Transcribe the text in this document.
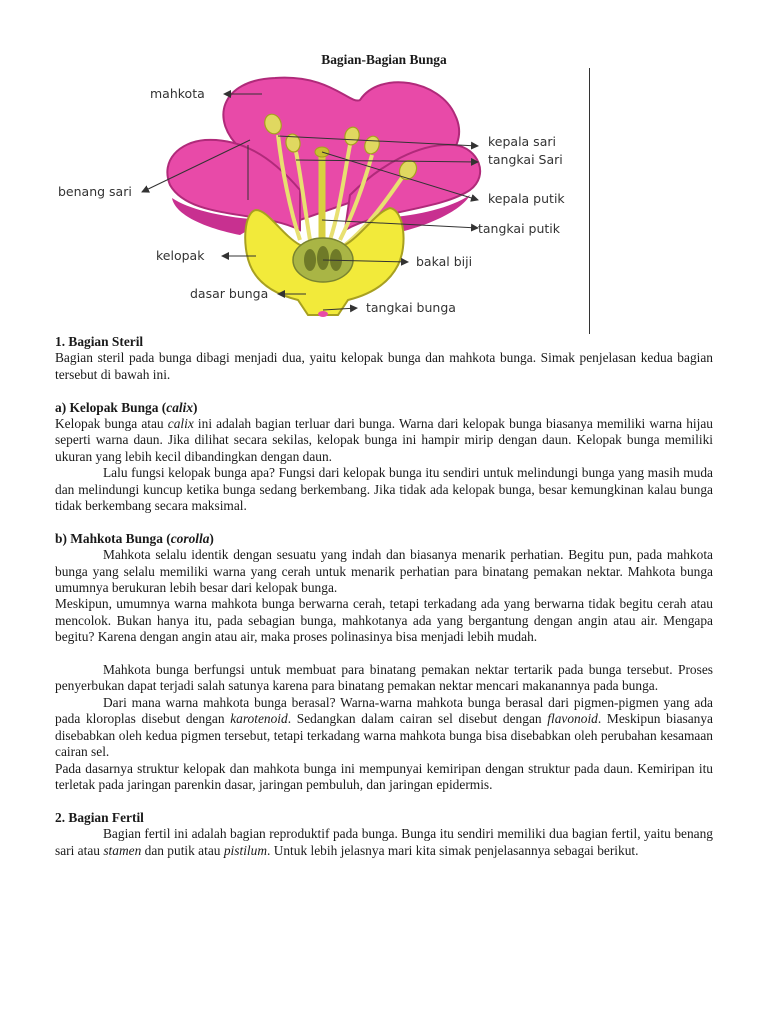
Bagian-Bagian Bunga
mahkota
benang sari
kelopak
dasar bunga
kepala sari
tangkai Sari
kepala putik
tangkai putik
bakal biji
tangkai bunga
1. Bagian Steril

Bagian steril pada bunga dibagi menjadi dua, yaitu kelopak bunga dan mahkota bunga. Simak penjelasan kedua bagian tersebut di bawah ini.

a) Kelopak Bunga (calix)

Kelopak bunga atau calix ini adalah bagian terluar dari bunga. Warna dari kelopak bunga biasanya memiliki warna hijau seperti warna daun. Jika dilihat secara sekilas, kelopak bunga ini hampir mirip dengan daun. Kelopak bunga memiliki ukuran yang lebih kecil dibandingkan dengan daun.

Lalu fungsi kelopak bunga apa? Fungsi dari kelopak bunga itu sendiri untuk melindungi bunga yang masih muda dan melindungi kuncup ketika bunga sedang berkembang. Jika tidak ada kelopak bunga, besar kemungkinan kalau bunga tidak berkembang secara maksimal.

b) Mahkota Bunga (corolla)

Mahkota selalu identik dengan sesuatu yang indah dan biasanya menarik perhatian. Begitu pun, pada mahkota bunga yang selalu memiliki warna yang cerah untuk menarik perhatian para binatang pemakan nektar. Mahkota bunga umumnya berukuran lebih besar dari kelopak bunga.

Meskipun, umumnya warna mahkota bunga berwarna cerah, tetapi terkadang ada yang berwarna tidak begitu cerah atau mencolok. Bukan hanya itu, pada sebagian bunga, mahkotanya ada yang bergantung dengan angin atau air. Mengapa begitu? Karena dengan angin atau air, maka proses polinasinya bisa menjadi lebih mudah.

Mahkota bunga berfungsi untuk membuat para binatang pemakan nektar tertarik pada bunga tersebut. Proses penyerbukan dapat terjadi salah satunya karena para binatang pemakan nektar mencari makanannya pada bunga.

Dari mana warna mahkota bunga berasal? Warna-warna mahkota bunga berasal dari pigmen-pigmen yang ada pada kloroplas disebut dengan karotenoid. Sedangkan dalam cairan sel disebut dengan flavonoid. Meskipun biasanya disebabkan oleh kedua pigmen tersebut, tetapi terkadang warna mahkota bunga bisa disebabkan oleh perubahan kesamaan cairan sel.

Pada dasarnya struktur kelopak dan mahkota bunga ini mempunyai kemiripan dengan struktur pada daun. Kemiripan itu terletak pada jaringan parenkin dasar, jaringan pembuluh, dan jaringan epidermis.

2. Bagian Fertil

Bagian fertil ini adalah bagian reproduktif pada bunga. Bunga itu sendiri memiliki dua bagian fertil, yaitu benang sari atau stamen dan putik atau pistilum. Untuk lebih jelasnya mari kita simak penjelasannya sebagai berikut.
